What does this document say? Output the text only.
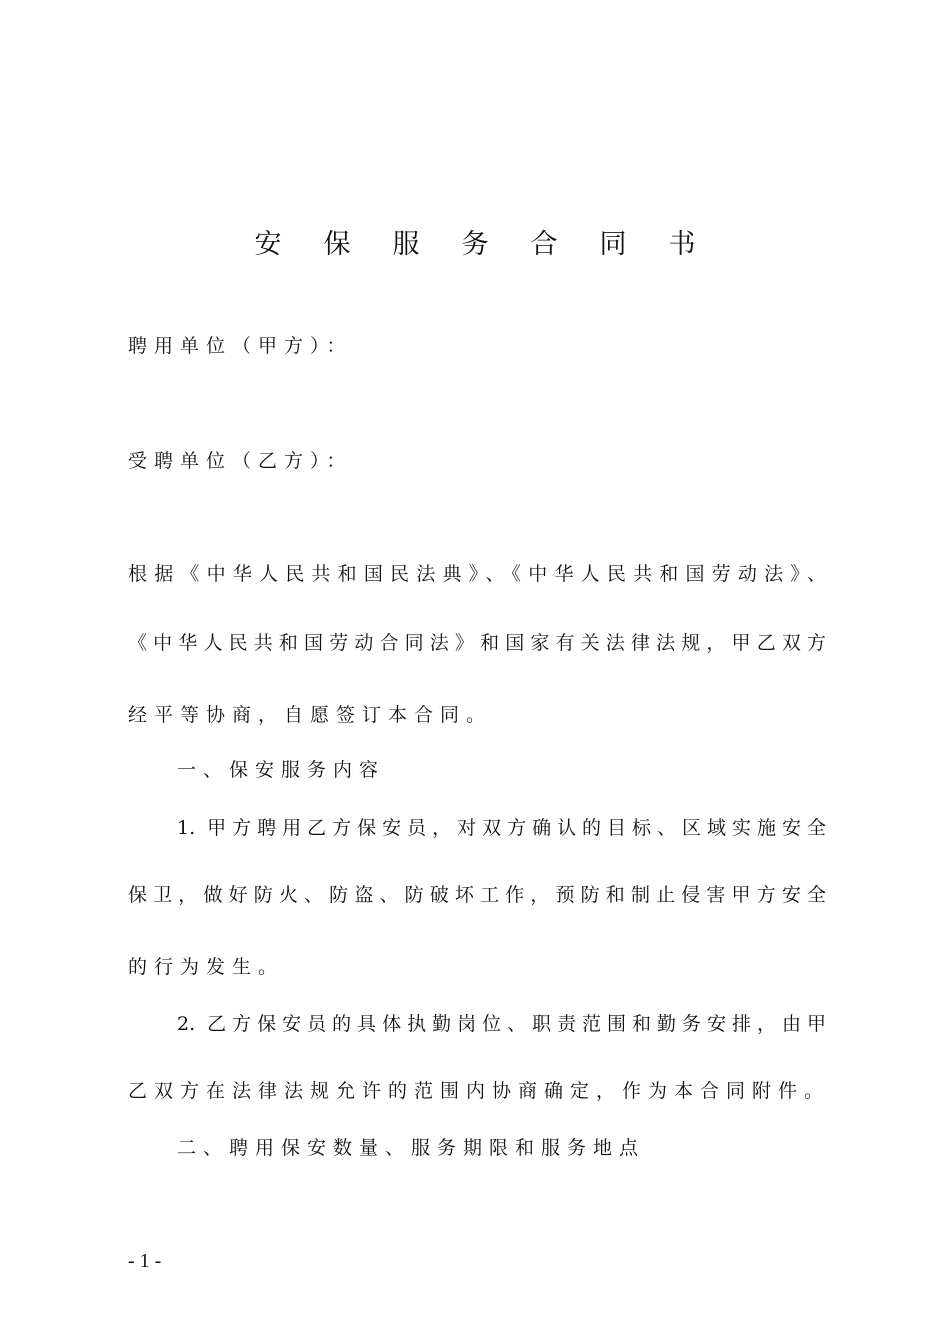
安保服务合同书
聘用单位（甲方）：
受聘单位（乙方）：
根据《中华人民共和国民法典》、《中华人民共和国劳动法》、
《中华人民共和国劳动合同法》和国家有关法律法规，甲乙双方
经平等协商，自愿签订本合同。
一、保安服务内容
1. 甲方聘用乙方保安员，对双方确认的目标、区域实施安全
保卫，做好防火、防盗、防破坏工作，预防和制止侵害甲方安全
的行为发生。
2. 乙方保安员的具体执勤岗位、职责范围和勤务安排，由甲
乙双方在法律法规允许的范围内协商确定，作为本合同附件。
二、聘用保安数量、服务期限和服务地点
- 1 -
